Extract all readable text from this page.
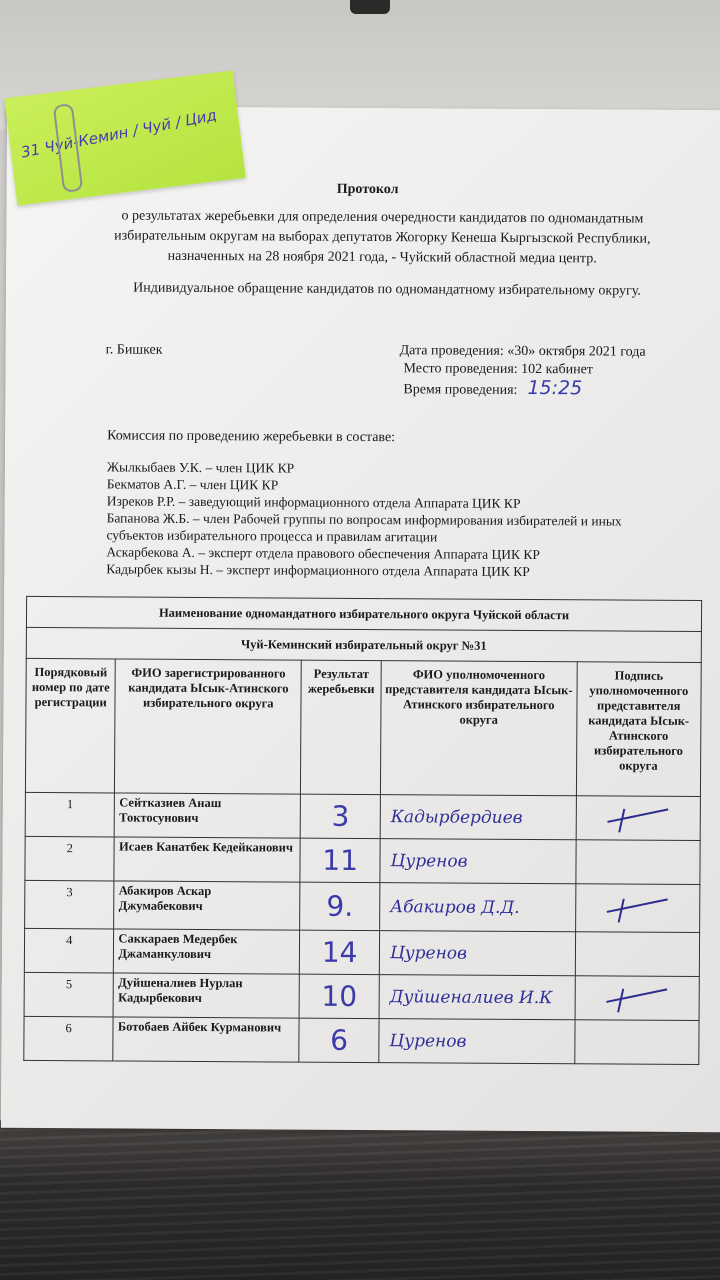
Протокол
о результатах жеребьевки для определения очередности кандидатов по одномандатным
избирательным округам на выборах депутатов Жогорку Кенеша Кыргызской Республики,
назначенных на 28 ноября 2021 года, - Чуйский областной медиа центр.
Индивидуальное обращение кандидатов по одномандатному избирательному округу.
г. Бишкек	Дата проведения: «30» октября 2021 года
Место проведения: 102 кабинет
Время проведения: 15:25
Комиссия по проведению жеребьевки в составе:
Жылкыбаев У.К. – член ЦИК КР
Бекматов А.Г. – член ЦИК КР
Изреков Р.Р. – заведующий информационного отдела Аппарата ЦИК КР
Бапанова Ж.Б. – член Рабочей группы по вопросам информирования избирателей и иных субъектов избирательного процесса и правилам агитации
Аскарбекова А. – эксперт отдела правового обеспечения Аппарата ЦИК КР
Кадырбек кызы Н. – эксперт информационного отдела Аппарата ЦИК КР
Наименование одномандатного избирательного округа Чуйской области				
Чуй-Кеминский избирательный округ №31				
Порядковый номер по дате регистрации	ФИО зарегистрированного кандидата Ысык-Атинского избирательного округа	Результат жеребьевки	ФИО уполномоченного представителя кандидата Ысык-Атинского избирательного округа	Подпись уполномоченного представителя кандидата Ысык-Атинского избирательного округа
1	Сейтказиев Анаш Токтосунович	3	Кадырбердиев	

2	Исаев Канатбек Кедейканович	11	Цуренов	
3	Абакиров Аскар Джумабекович	9.	Абакиров Д.Д.	

4	Саккараев Медербек Джаманкулович	14	Цуренов	
5	Дуйшеналиев Нурлан Кадырбекович	10	Дуйшеналиев И.К	

6	Ботобаев Айбек Курманович	6	Цуренов	
31 Чуй-Кемин / Чуй / Цид
